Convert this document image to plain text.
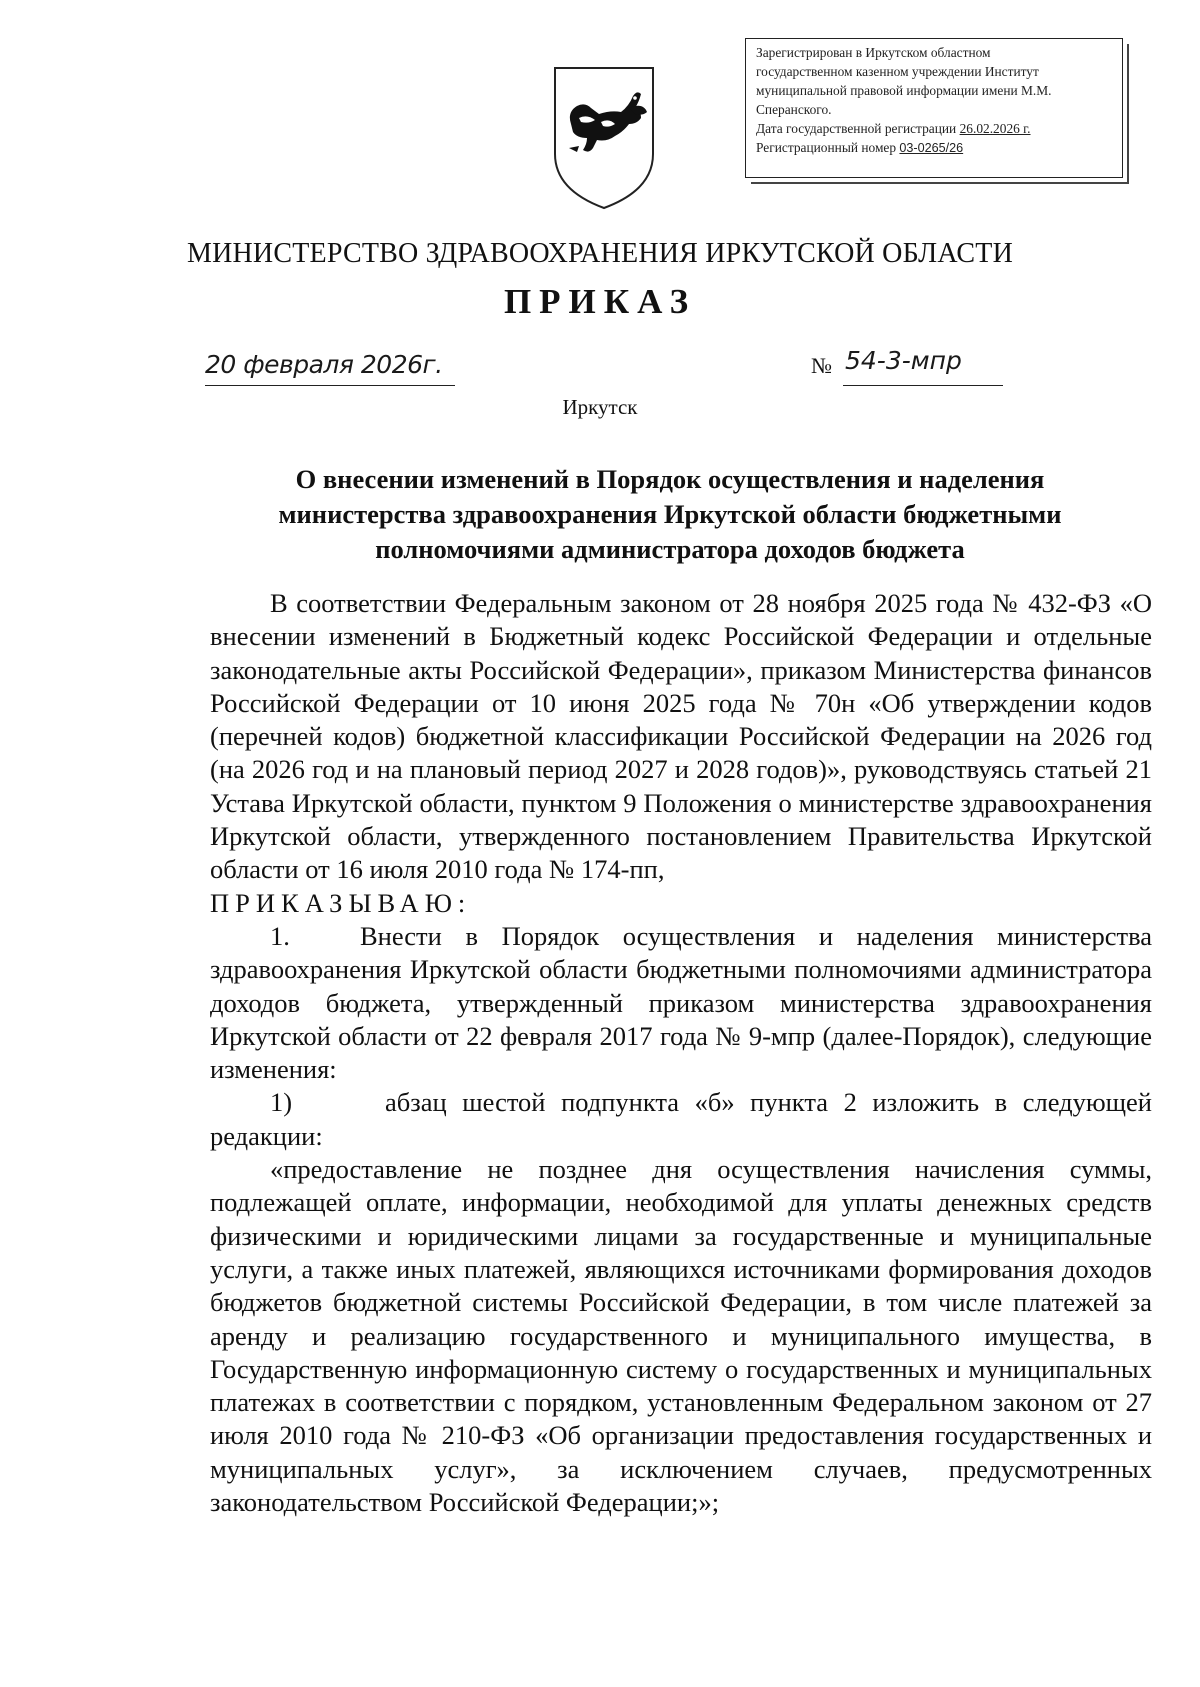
Зарегистрирован в Иркутском областном
государственном казенном учреждении Институт
муниципальной правовой информации имени М.М.
Сперанского.
Дата государственной регистрации 26.02.2026 г.
Регистрационный номер 03-0265/26
МИНИСТЕРСТВО ЗДРАВООХРАНЕНИЯ ИРКУТСКОЙ ОБЛАСТИ
ПРИКАЗ
20 февраля 2026г.	№ 54-3-мпр
Иркутск
О внесении изменений в Порядок осуществления и наделения
министерства здравоохранения Иркутской области бюджетными
полномочиями администратора доходов бюджета

В соответствии Федеральным законом от 28 ноября 2025 года № 432-ФЗ «О внесении изменений в Бюджетный кодекс Российской Федерации и отдельные законодательные акты Российской Федерации», приказом Министерства финансов Российской Федерации от 10 июня 2025 года № 70н «Об утверждении кодов (перечней кодов) бюджетной классификации Российской Федерации на 2026 год (на 2026 год и на плановый период 2027 и 2028 годов)», руководствуясь статьей 21 Устава Иркутской области, пунктом 9 Положения о министерстве здравоохранения Иркутской области, утвержденного постановлением Правительства Иркутской области от 16 июля 2010 года № 174-пп,

ПРИКАЗЫВАЮ:

1.	Внести в Порядок осуществления и наделения министерства здравоохранения Иркутской области бюджетными полномочиями администратора доходов бюджета, утвержденный приказом министерства здравоохранения Иркутской области от 22 февраля 2017 года № 9-мпр (далее-Порядок), следующие изменения:

1)	абзац шестой подпункта «б» пункта 2 изложить в следующей редакции:

«предоставление не позднее дня осуществления начисления суммы, подлежащей оплате, информации, необходимой для уплаты денежных средств физическими и юридическими лицами за государственные и муниципальные услуги, а также иных платежей, являющихся источниками формирования доходов бюджетов бюджетной системы Российской Федерации, в том числе платежей за аренду и реализацию государственного и муниципального имущества, в Государственную информационную систему о государственных и муниципальных платежах в соответствии с порядком, установленным Федеральном законом от 27 июля 2010 года № 210-ФЗ «Об организации предоставления государственных и муниципальных услуг», за исключением случаев, предусмотренных законодательством Российской Федерации;»;
